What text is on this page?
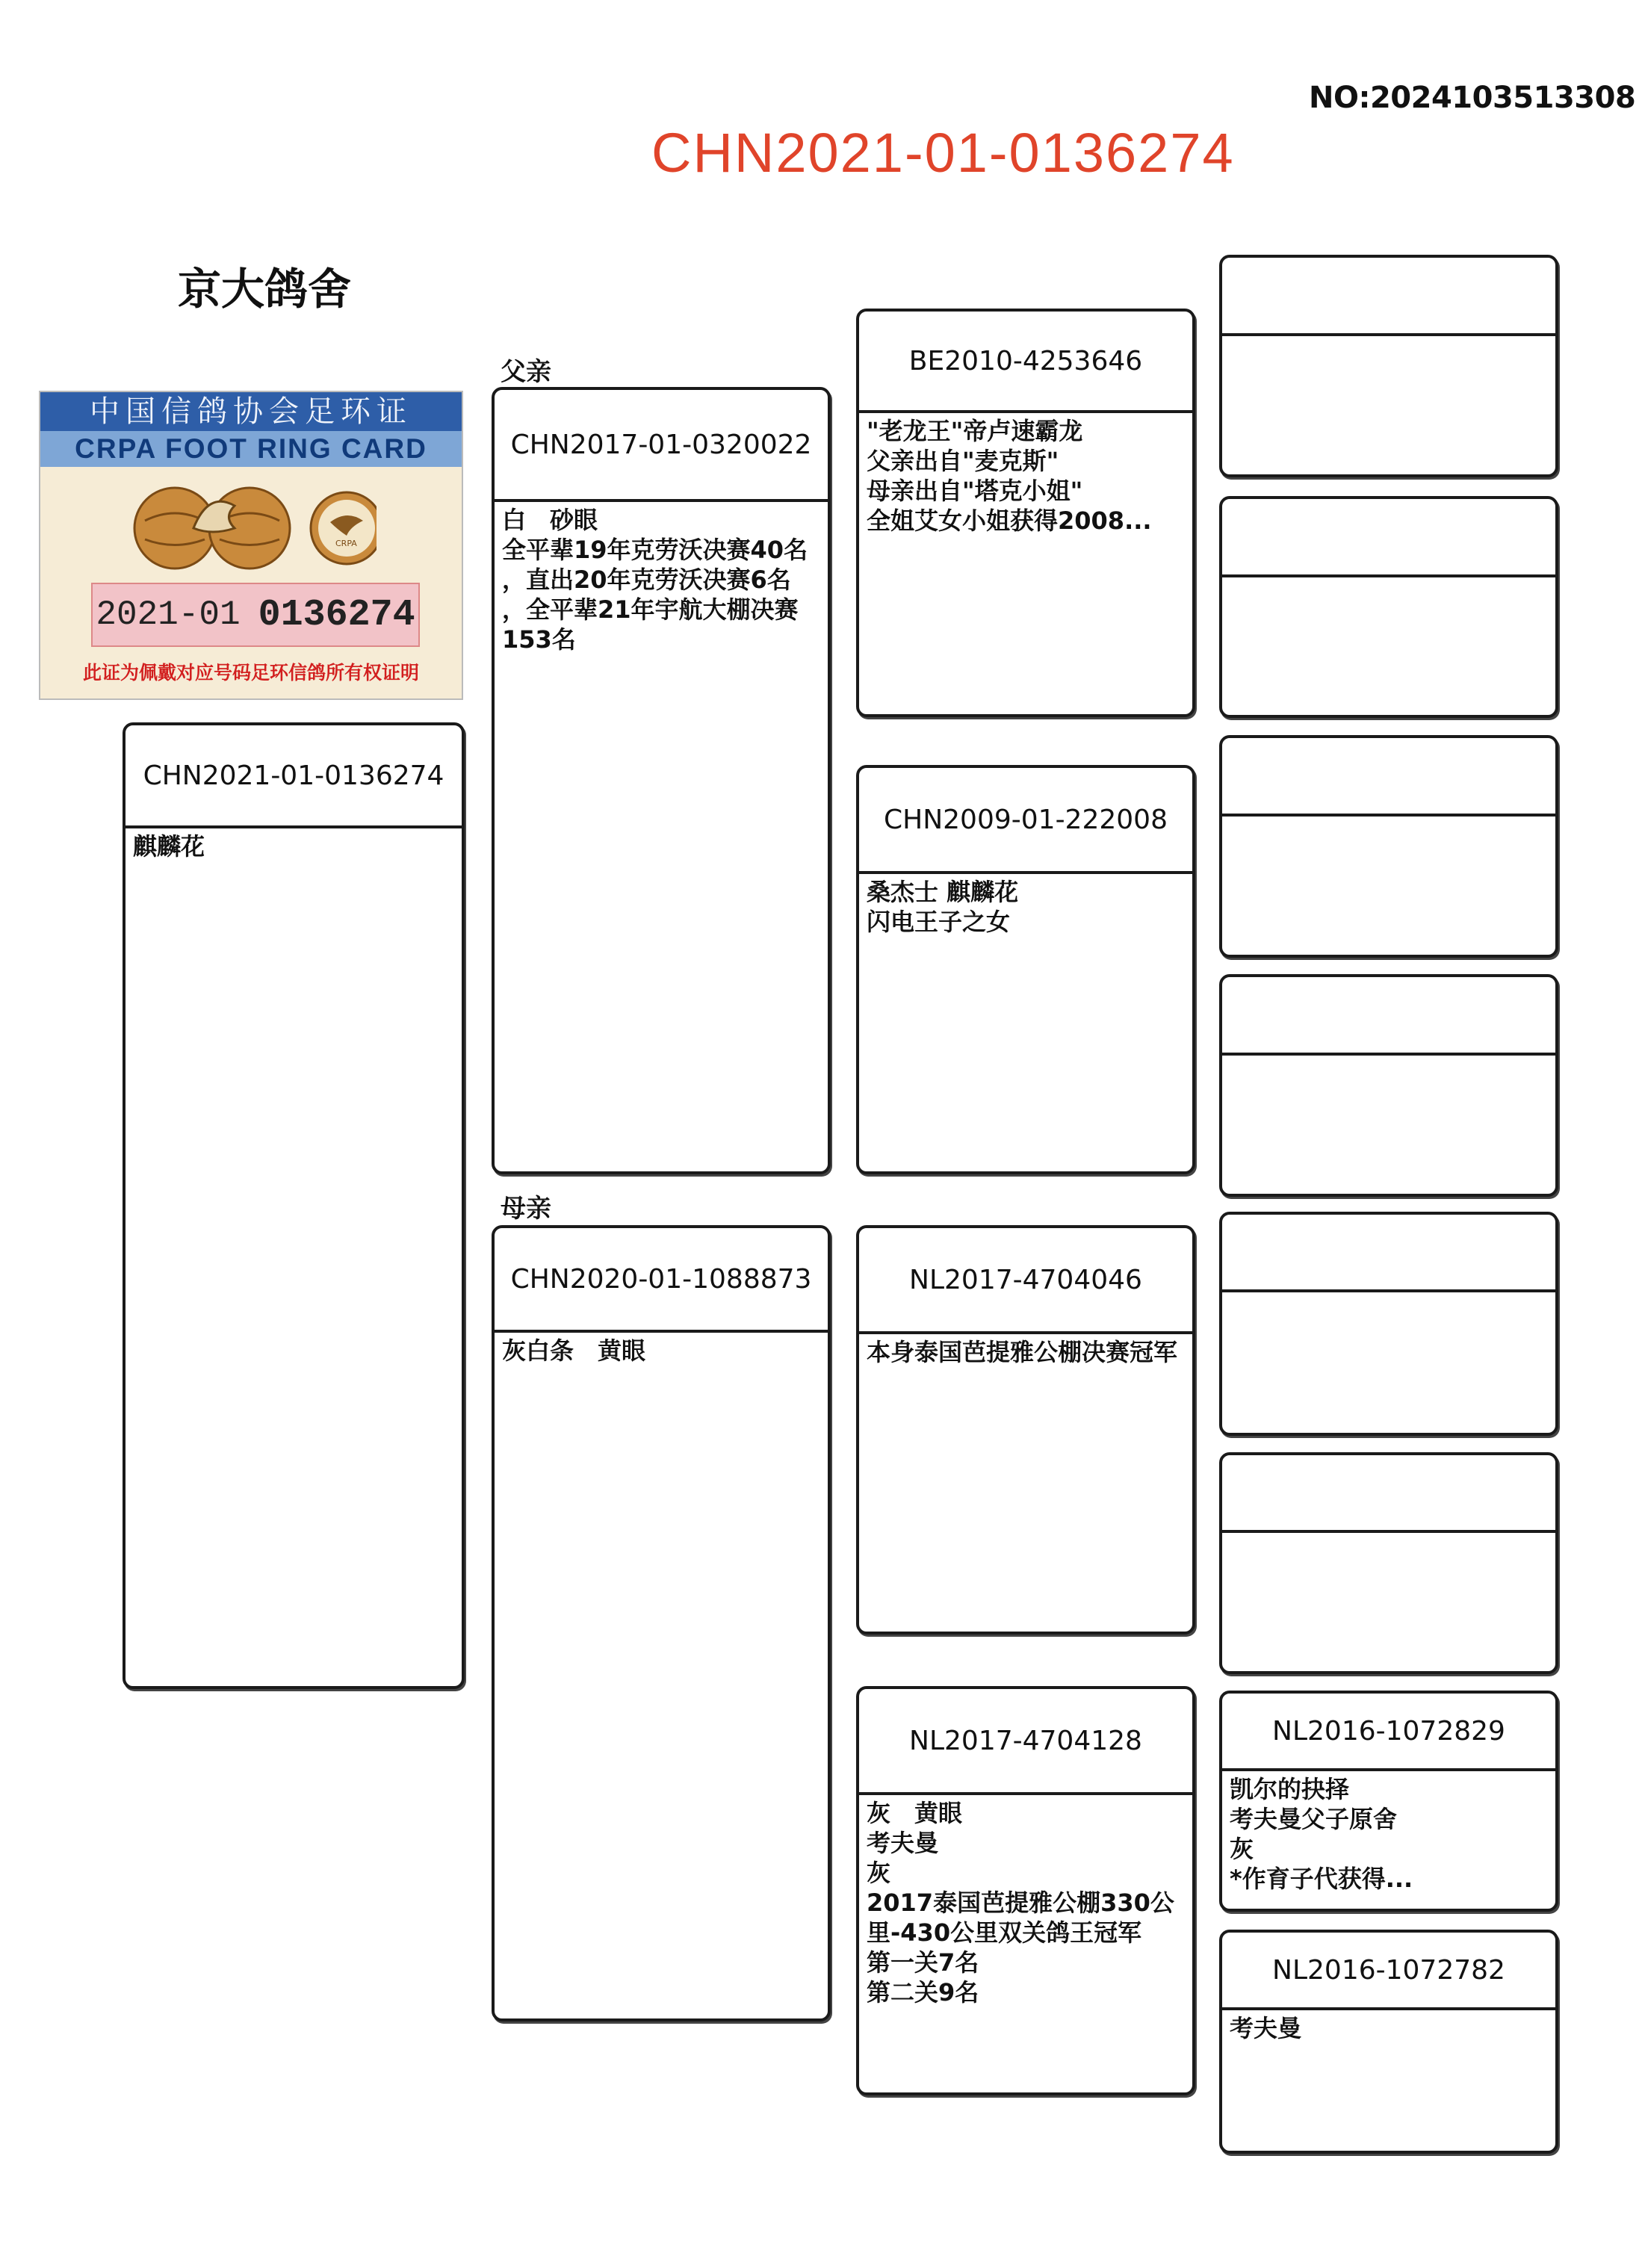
NO:2024103513308
CHN2021-01-0136274
京大鸽舍
中国信鸽协会足环证
CRPA FOOT RING CARD
CRPA
2021-01 0136274
此证为佩戴对应号码足环信鸽所有权证明
父亲
母亲
CHN2021-01-0136274
麒麟花
CHN2017-01-0320022
白　砂眼
全平辈19年克劳沃决赛40名
，直出20年克劳沃决赛6名
，全平辈21年宇航大棚决赛
153名
CHN2020-01-1088873
灰白条　黄眼
BE2010-4253646
"老龙王"帝卢速霸龙
父亲出自"麦克斯"
母亲出自"塔克小姐"
全姐艾女小姐获得2008...
CHN2009-01-222008
桑杰士 麒麟花
闪电王子之女
NL2017-4704046
本身泰国芭提雅公棚决赛冠军
NL2017-4704128
灰　黄眼
考夫曼
灰
2017泰国芭提雅公棚330公里-430公里双关鸽王冠军
第一关7名
第二关9名
NL2016-1072829
凯尔的抉择
考夫曼父子原舍
灰
*作育子代获得...
NL2016-1072782
考夫曼
